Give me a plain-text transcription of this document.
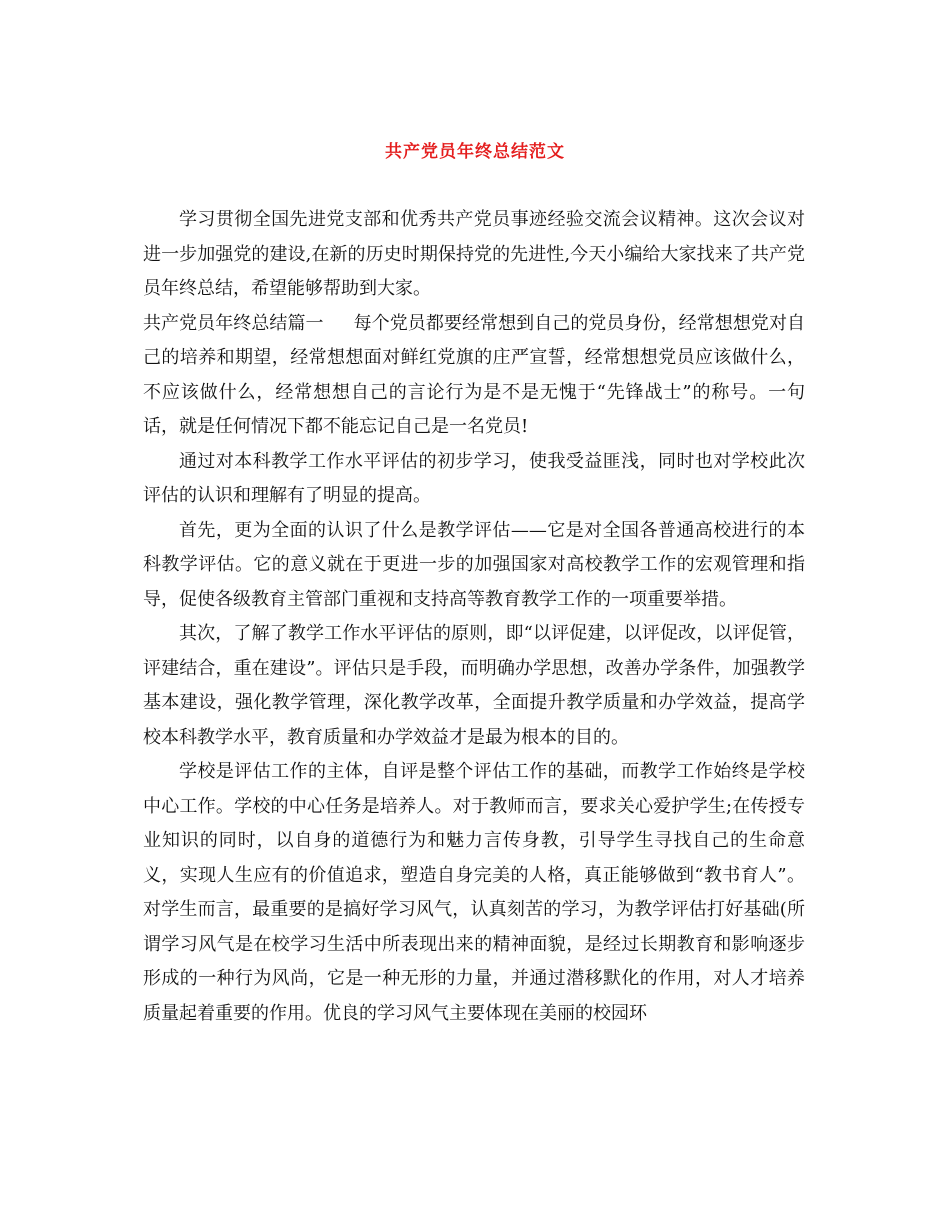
共产党员年终总结范文

学习贯彻全国先进党支部和优秀共产党员事迹经验交流会议精神。这次会议对进一步加强党的建设,在新的历史时期保持党的先进性,今天小编给大家找来了共产党员年终总结，希望能够帮助到大家。

共产党员年终总结篇一 每个党员都要经常想到自己的党员身份，经常想想党对自己的培养和期望，经常想想面对鲜红党旗的庄严宣誓，经常想想党员应该做什么，不应该做什么，经常想想自己的言论行为是不是无愧于“先锋战士”的称号。一句话，就是任何情况下都不能忘记自己是一名党员!

通过对本科教学工作水平评估的初步学习，使我受益匪浅，同时也对学校此次评估的认识和理解有了明显的提高。

首先，更为全面的认识了什么是教学评估——它是对全国各普通高校进行的本科教学评估。它的意义就在于更进一步的加强国家对高校教学工作的宏观管理和指导，促使各级教育主管部门重视和支持高等教育教学工作的一项重要举措。

其次，了解了教学工作水平评估的原则，即“以评促建，以评促改，以评促管，评建结合，重在建设”。评估只是手段，而明确办学思想，改善办学条件，加强教学基本建设，强化教学管理，深化教学改革，全面提升教学质量和办学效益，提高学校本科教学水平，教育质量和办学效益才是最为根本的目的。

学校是评估工作的主体，自评是整个评估工作的基础，而教学工作始终是学校中心工作。学校的中心任务是培养人。对于教师而言，要求关心爱护学生;在传授专业知识的同时，以自身的道德行为和魅力言传身教，引导学生寻找自己的生命意义，实现人生应有的价值追求，塑造自身完美的人格，真正能够做到“教书育人”。对学生而言，最重要的是搞好学习风气，认真刻苦的学习，为教学评估打好基础(所谓学习风气是在校学习生活中所表现出来的精神面貌，是经过长期教育和影响逐步形成的一种行为风尚，它是一种无形的力量，并通过潜移默化的作用，对人才培养质量起着重要的作用。优良的学习风气主要体现在美丽的校园环
